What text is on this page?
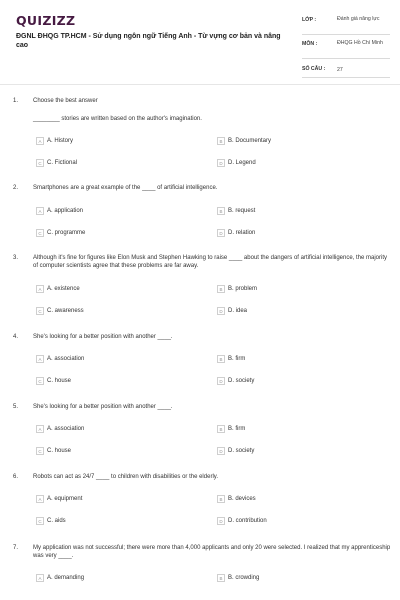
QUIZIZZ
ĐGNL ĐHQG TP.HCM - Sử dụng ngôn ngữ Tiếng Anh - Từ vựng cơ bản và nâng cao
LỚP :	Đánh giá năng lực
MÔN :	ĐHQG Hồ Chí Minh
SỐ CÂU : 27
1. Choose the best answer
________ stories are written based on the author's imagination.
A A. History	B B. Documentary
C C. Fictional	D D. Legend
2. Smartphones are a great example of the ____ of artificial intelligence.
A A. application	B B. request
C C. programme	D D. relation
3. Although it's fine for figures like Elon Musk and Stephen Hawking to raise ____ about the dangers of artificial intelligence, the majority of computer scientists agree that these problems are far away.
A A. existence	B B. problem
C C. awareness	D D. idea
4. She's looking for a better position with another ____.
A A. association	B B. firm
C C. house	D D. society
5. She's looking for a better position with another ____.
A A. association	B B. firm
C C. house	D D. society
6. Robots can act as 24/7 ____ to children with disabilities or the elderly.
A A. equipment	B B. devices
C C. aids	D D. contribution
7. My application was not successful; there were more than 4,000 applicants and only 20 were selected. I realized that my apprenticeship was very ____.
A A. demanding	B B. crowding
